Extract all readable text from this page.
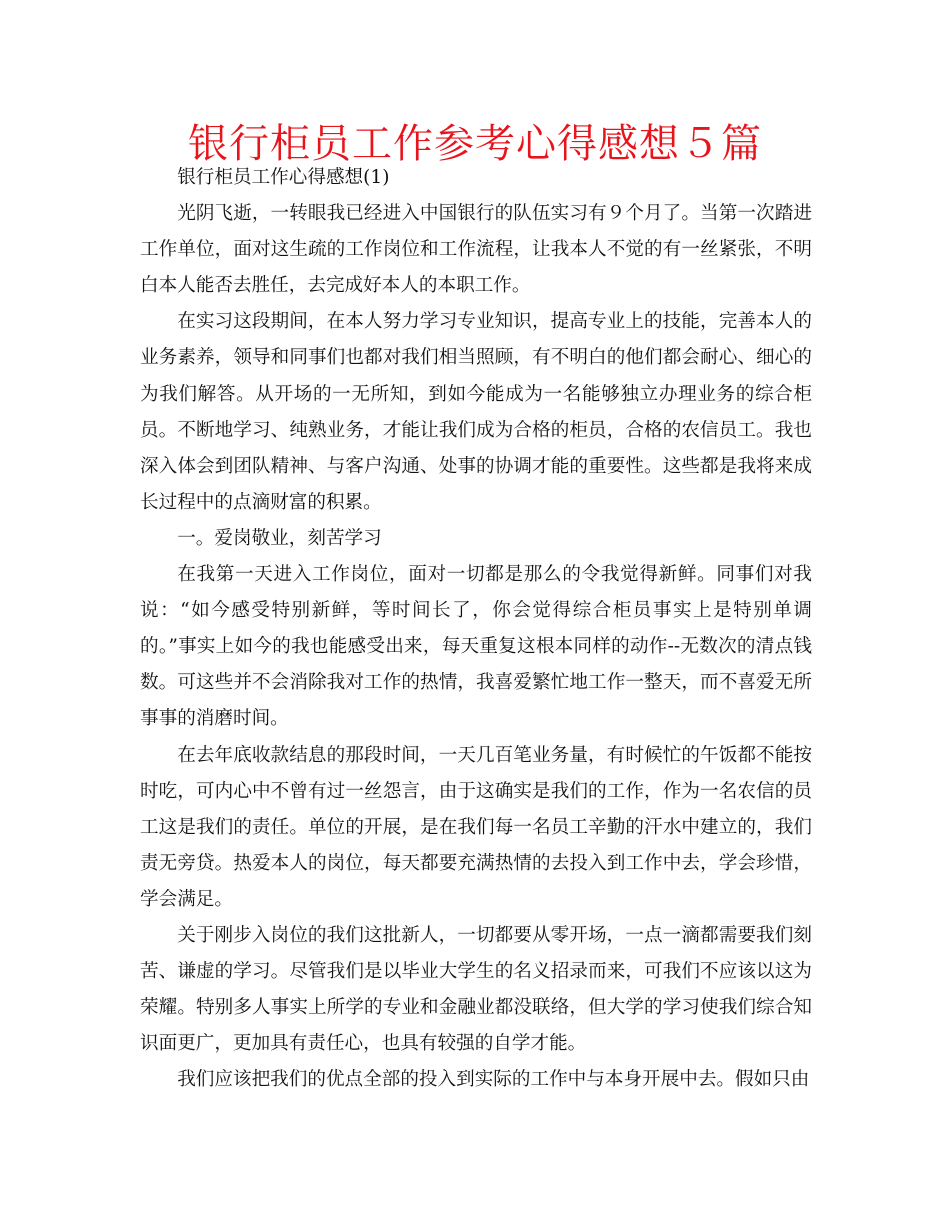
银行柜员工作参考心得感想５篇

银行柜员工作心得感想(1)

光阴飞逝，一转眼我已经进入中国银行的队伍实习有９个月了。当第一次踏进工作单位，面对这生疏的工作岗位和工作流程，让我本人不觉的有一丝紧张，不明白本人能否去胜任，去完成好本人的本职工作。

在实习这段期间，在本人努力学习专业知识，提高专业上的技能，完善本人的业务素养，领导和同事们也都对我们相当照顾，有不明白的他们都会耐心、细心的为我们解答。从开场的一无所知，到如今能成为一名能够独立办理业务的综合柜员。不断地学习、纯熟业务，才能让我们成为合格的柜员，合格的农信员工。我也深入体会到团队精神、与客户沟通、处事的协调才能的重要性。这些都是我将来成长过程中的点滴财富的积累。

一。爱岗敬业，刻苦学习

在我第一天进入工作岗位，面对一切都是那么的令我觉得新鲜。同事们对我说：“如今感受特别新鲜，等时间长了，你会觉得综合柜员事实上是特别单调的。”事实上如今的我也能感受出来，每天重复这根本同样的动作--无数次的清点钱数。可这些并不会消除我对工作的热情，我喜爱繁忙地工作一整天，而不喜爱无所事事的消磨时间。

在去年底收款结息的那段时间，一天几百笔业务量，有时候忙的午饭都不能按时吃，可内心中不曾有过一丝怨言，由于这确实是我们的工作，作为一名农信的员工这是我们的责任。单位的开展，是在我们每一名员工辛勤的汗水中建立的，我们责无旁贷。热爱本人的岗位，每天都要充满热情的去投入到工作中去，学会珍惜，学会满足。

关于刚步入岗位的我们这批新人，一切都要从零开场，一点一滴都需要我们刻苦、谦虚的学习。尽管我们是以毕业大学生的名义招录而来，可我们不应该以这为荣耀。特别多人事实上所学的专业和金融业都没联络，但大学的学习使我们综合知识面更广，更加具有责任心，也具有较强的自学才能。

我们应该把我们的优点全部的投入到实际的工作中与本身开展中去。假如只由
